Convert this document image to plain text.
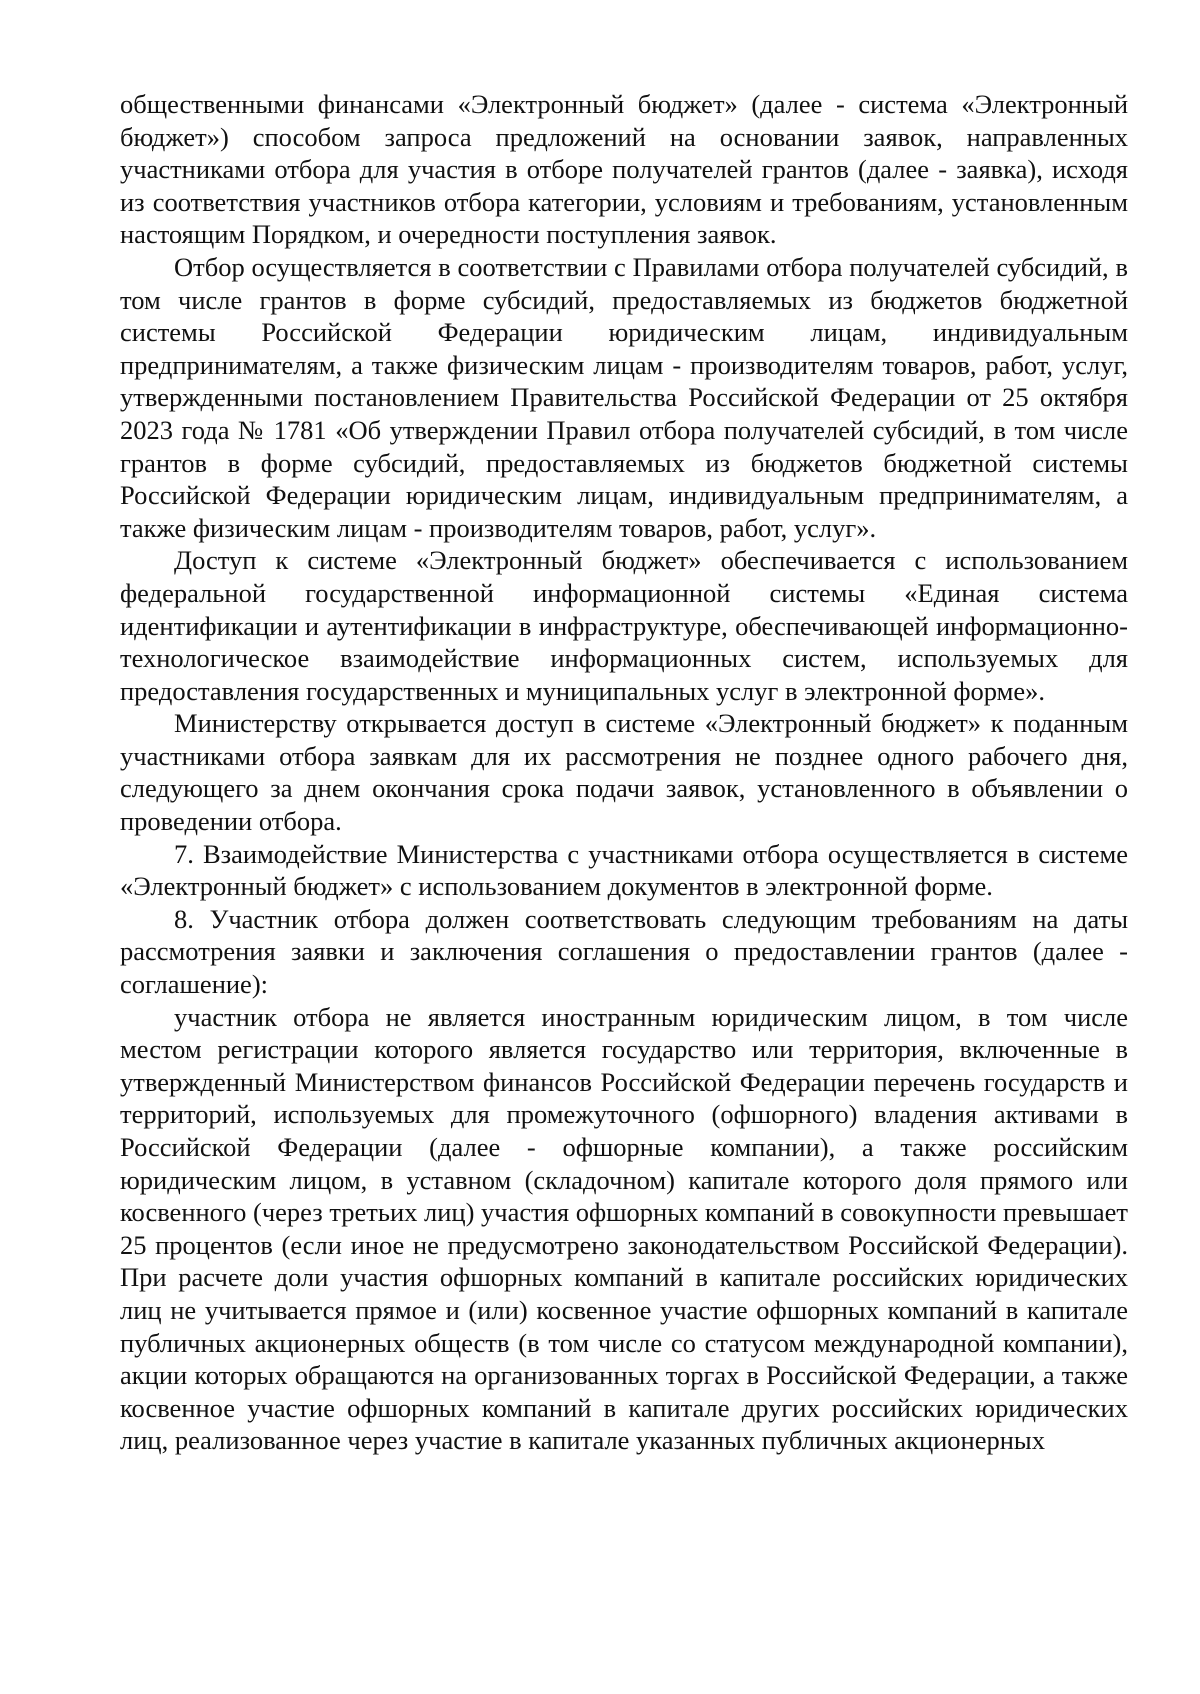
общественными финансами «Электронный бюджет» (далее - система «Электронный бюджет») способом запроса предложений на основании заявок, направленных участниками отбора для участия в отборе получателей грантов (далее - заявка), исходя из соответствия участников отбора категории, условиям и требованиям, установленным настоящим Порядком, и очередности поступления заявок.

Отбор осуществляется в соответствии с Правилами отбора получателей субсидий, в том числе грантов в форме субсидий, предоставляемых из бюджетов бюджетной системы Российской Федерации юридическим лицам, индивидуальным предпринимателям, а также физическим лицам - производителям товаров, работ, услуг, утвержденными постановлением Правительства Российской Федерации от 25 октября 2023 года № 1781 «Об утверждении Правил отбора получателей субсидий, в том числе грантов в форме субсидий, предоставляемых из бюджетов бюджетной системы Российской Федерации юридическим лицам, индивидуальным предпринимателям, а также физическим лицам - производителям товаров, работ, услуг».

Доступ к системе «Электронный бюджет» обеспечивается с использованием федеральной государственной информационной системы «Единая система идентификации и аутентификации в инфраструктуре, обеспечивающей информационно-технологическое взаимодействие информационных систем, используемых для предоставления государственных и муниципальных услуг в электронной форме».

Министерству открывается доступ в системе «Электронный бюджет» к поданным участниками отбора заявкам для их рассмотрения не позднее одного рабочего дня, следующего за днем окончания срока подачи заявок, установленного в объявлении о проведении отбора.

7. Взаимодействие Министерства с участниками отбора осуществляется в системе «Электронный бюджет» с использованием документов в электронной форме.

8. Участник отбора должен соответствовать следующим требованиям на даты рассмотрения заявки и заключения соглашения о предоставлении грантов (далее - соглашение):

участник отбора не является иностранным юридическим лицом, в том числе местом регистрации которого является государство или территория, включенные в утвержденный Министерством финансов Российской Федерации перечень государств и территорий, используемых для промежуточного (офшорного) владения активами в Российской Федерации (далее - офшорные компании), а также российским юридическим лицом, в уставном (складочном) капитале которого доля прямого или косвенного (через третьих лиц) участия офшорных компаний в совокупности превышает 25 процентов (если иное не предусмотрено законодательством Российской Федерации). При расчете доли участия офшорных компаний в капитале российских юридических лиц не учитывается прямое и (или) косвенное участие офшорных компаний в капитале публичных акционерных обществ (в том числе со статусом международной компании), акции которых обращаются на организованных торгах в Российской Федерации, а также косвенное участие офшорных компаний в капитале других российских юридических лиц, реализованное через участие в капитале указанных публичных акционерных
